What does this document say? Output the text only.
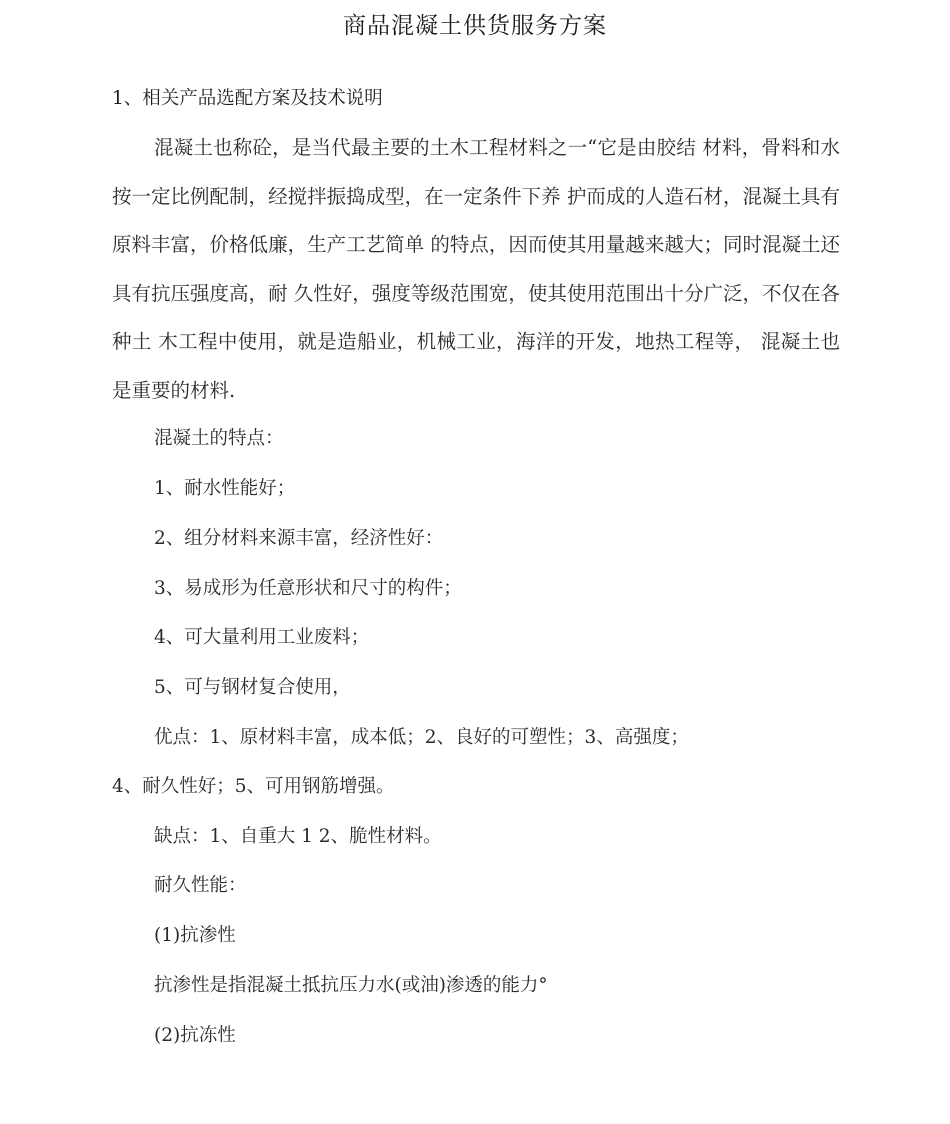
商品混凝土供货服务方案
1、相关产品选配方案及技术说明

混凝土也称砼，是当代最主要的土木工程材料之一“它是由胶结 材料，骨料和水按一定比例配制，经搅拌振捣成型，在一定条件下养 护而成的人造石材，混凝土具有原料丰富，价格低廉，生产工艺简单 的特点，因而使其用量越来越大；同时混凝土还具有抗压强度高，耐 久性好，强度等级范围宽，使其使用范围出十分广泛，不仅在各种土 木工程中使用，就是造船业，机械工业，海洋的开发，地热工程等， 混凝土也是重要的材料.

混凝土的特点：
1、耐水性能好；
2、组分材料来源丰富，经济性好：
3、易成形为任意形状和尺寸的构件；
4、可大量利用工业废料；
5、可与钢材复合使用，
优点：1、原材料丰富，成本低；2、良好的可塑性；3、高强度；
4、耐久性好；5、可用钢筋增强。
缺点：1、自重大 1 2、脆性材料。
耐久性能：
(1)抗渗性
抗渗性是指混凝土抵抗压力水(或油)渗透的能力°
(2)抗冻性
